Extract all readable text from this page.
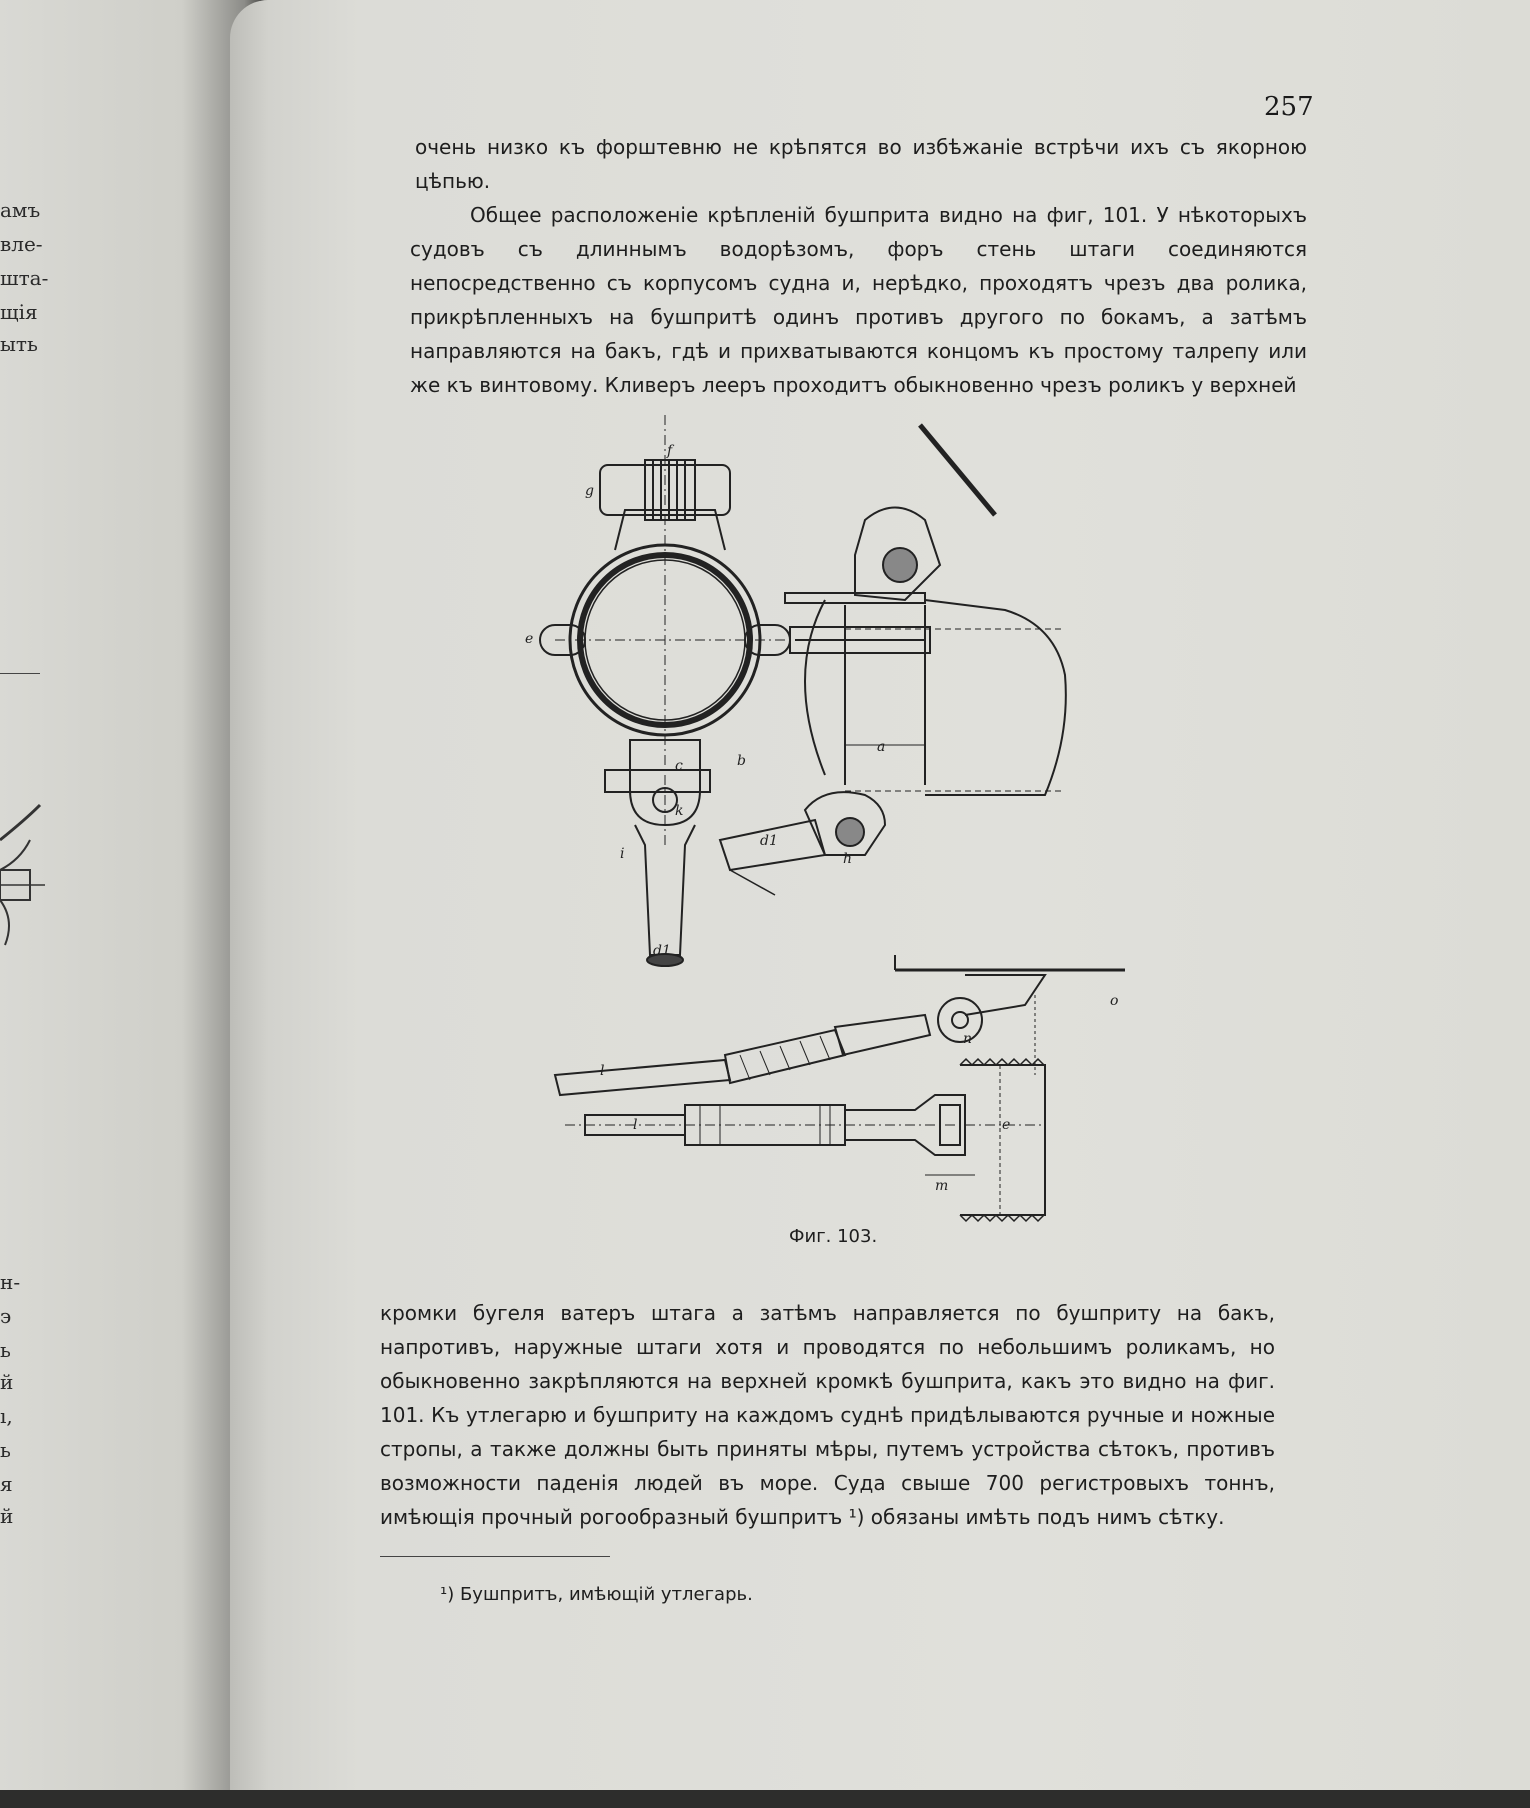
амъ
вле-
шта-
щія
ыть
н-
э
ь
й
ı,
ь
я
й
257

очень низко къ форштевню не крѣпятся во избѣжаніе встрѣчи ихъ съ якорною цѣпью.

Общее расположеніе крѣпленій бушприта видно на фиг, 101. У нѣкоторыхъ судовъ съ длиннымъ водорѣзомъ, форъ стень штаги соединяются непосредственно съ корпусомъ судна и, нерѣдко, проходятъ чрезъ два ролика, прикрѣпленныхъ на бушпритѣ одинъ противъ другого по бокамъ, а затѣмъ направляются на бакъ, гдѣ и прихватываются концомъ къ простому талрепу или же къ винтовому. Кливеръ лееръ проходитъ обыкновенно чрезъ роликъ у верхней

f
g
e
a
b
c
k
i
d1
h
d1
l
n
o
l	e
m
Фиг. 103.

кромки бугеля ватеръ штага а затѣмъ направляется по бушприту на бакъ, напротивъ, наружные штаги хотя и проводятся по небольшимъ роликамъ, но обыкновенно закрѣпляются на верхней кромкѣ бушприта, какъ это видно на фиг. 101. Къ утлегарю и бушприту на каждомъ суднѣ придѣлываются ручные и ножные стропы, а также должны быть приняты мѣры, путемъ устройства сѣтокъ, противъ возможности паденія людей въ море. Суда свыше 700 регистровыхъ тоннъ, имѣющія прочный рогообразный бушпритъ ¹) обязаны имѣть подъ нимъ сѣтку.

¹) Бушпритъ, имѣющій утлегарь.
